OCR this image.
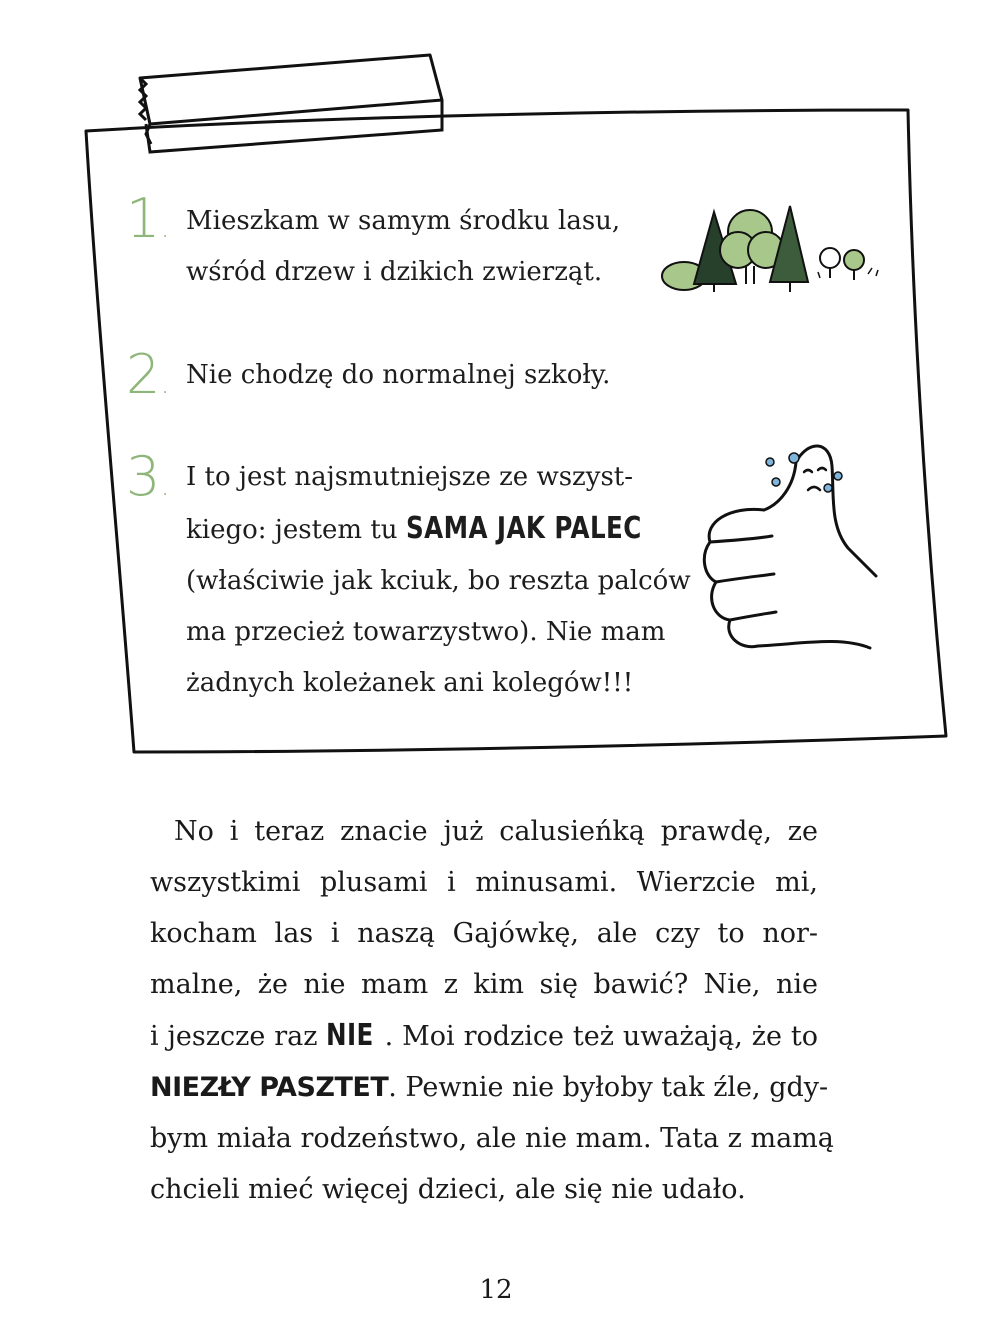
1. Mieszkam w samym środku lasu,
wśród drzew i dzikich zwierząt.
2. Nie chodzę do normalnej szkoły.
3. I to jest najsmutniejsze ze wszyst-
kiego: jestem tu SAMA JAK PALEC
(właściwie jak kciuk, bo reszta palców
ma przecież towarzystwo). Nie mam
żadnych koleżanek ani kolegów!!!
No i teraz znacie już calusieńką prawdę, ze
wszystkimi plusami i minusami. Wierzcie mi,
kocham las i naszą Gajówkę, ale czy to nor-
malne, że nie mam z kim się bawić? Nie, nie
i jeszcze raz NIE . Moi rodzice też uważają, że to
NIEZŁY PASZTET. Pewnie nie byłoby tak źle, gdy-
bym miała rodzeństwo, ale nie mam. Tata z mamą
chcieli mieć więcej dzieci, ale się nie udało.
12
